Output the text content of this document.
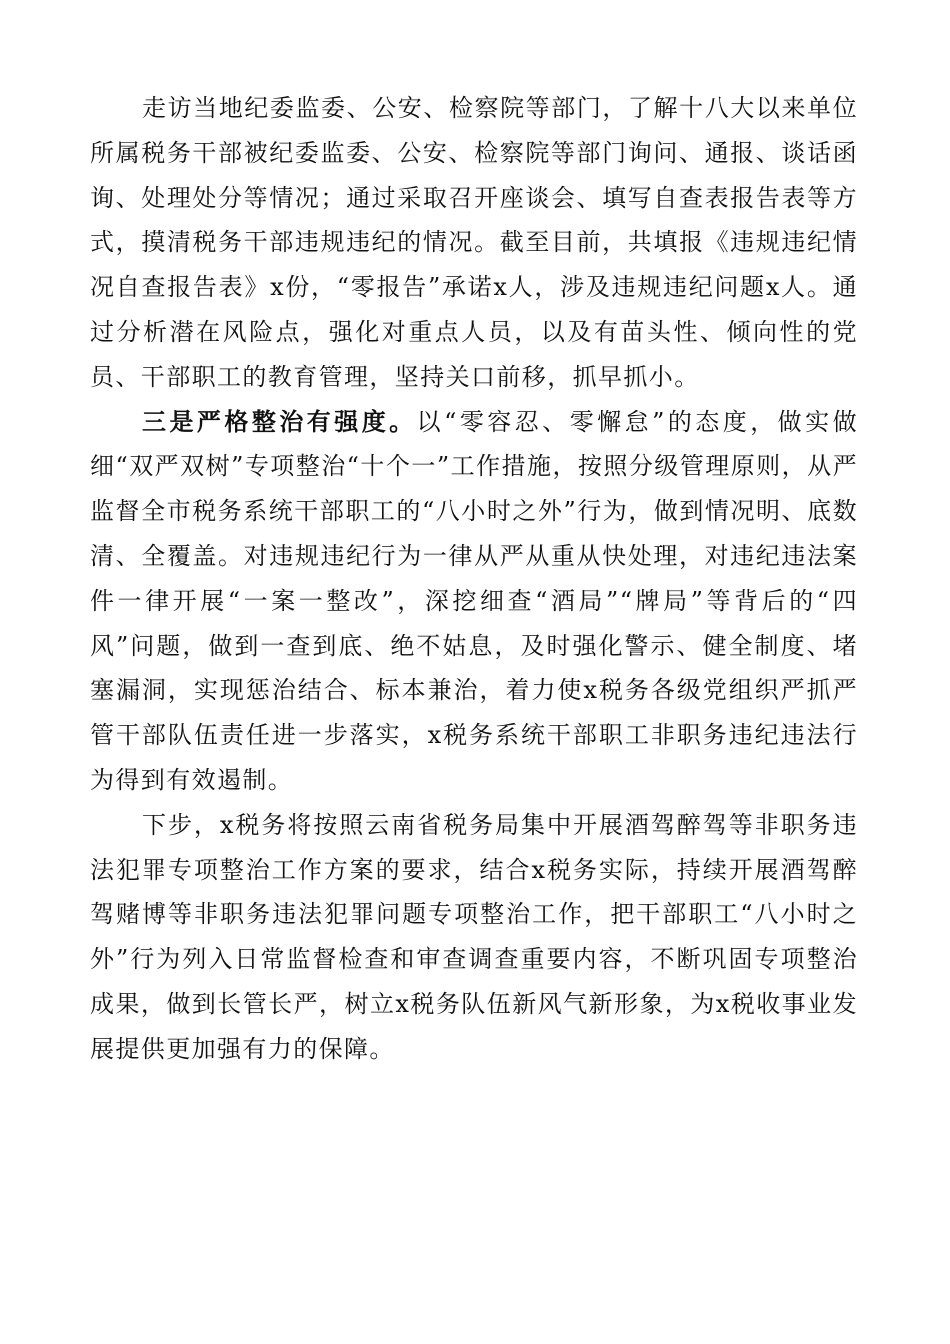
走访当地纪委监委、公安、检察院等部门，了解十八大以来单位所属税务干部被纪委监委、公安、检察院等部门询问、通报、谈话函询、处理处分等情况；通过采取召开座谈会、填写自查表报告表等方式，摸清税务干部违规违纪的情况。截至目前，共填报《违规违纪情况自查报告表》x份，“零报告”承诺x人，涉及违规违纪问题x人。通过分析潜在风险点，强化对重点人员，以及有苗头性、倾向性的党员、干部职工的教育管理，坚持关口前移，抓早抓小。

三是严格整治有强度。以“零容忍、零懈怠”的态度，做实做细“双严双树”专项整治“十个一”工作措施，按照分级管理原则，从严监督全市税务系统干部职工的“八小时之外”行为，做到情况明、底数清、全覆盖。对违规违纪行为一律从严从重从快处理，对违纪违法案件一律开展“一案一整改”，深挖细查“酒局”“牌局”等背后的“四风”问题，做到一查到底、绝不姑息，及时强化警示、健全制度、堵塞漏洞，实现惩治结合、标本兼治，着力使x税务各级党组织严抓严管干部队伍责任进一步落实，x税务系统干部职工非职务违纪违法行为得到有效遏制。

下步，x税务将按照云南省税务局集中开展酒驾醉驾等非职务违法犯罪专项整治工作方案的要求，结合x税务实际，持续开展酒驾醉驾赌博等非职务违法犯罪问题专项整治工作，把干部职工“八小时之外”行为列入日常监督检查和审查调查重要内容，不断巩固专项整治成果，做到长管长严，树立x税务队伍新风气新形象，为x税收事业发展提供更加强有力的保障。
